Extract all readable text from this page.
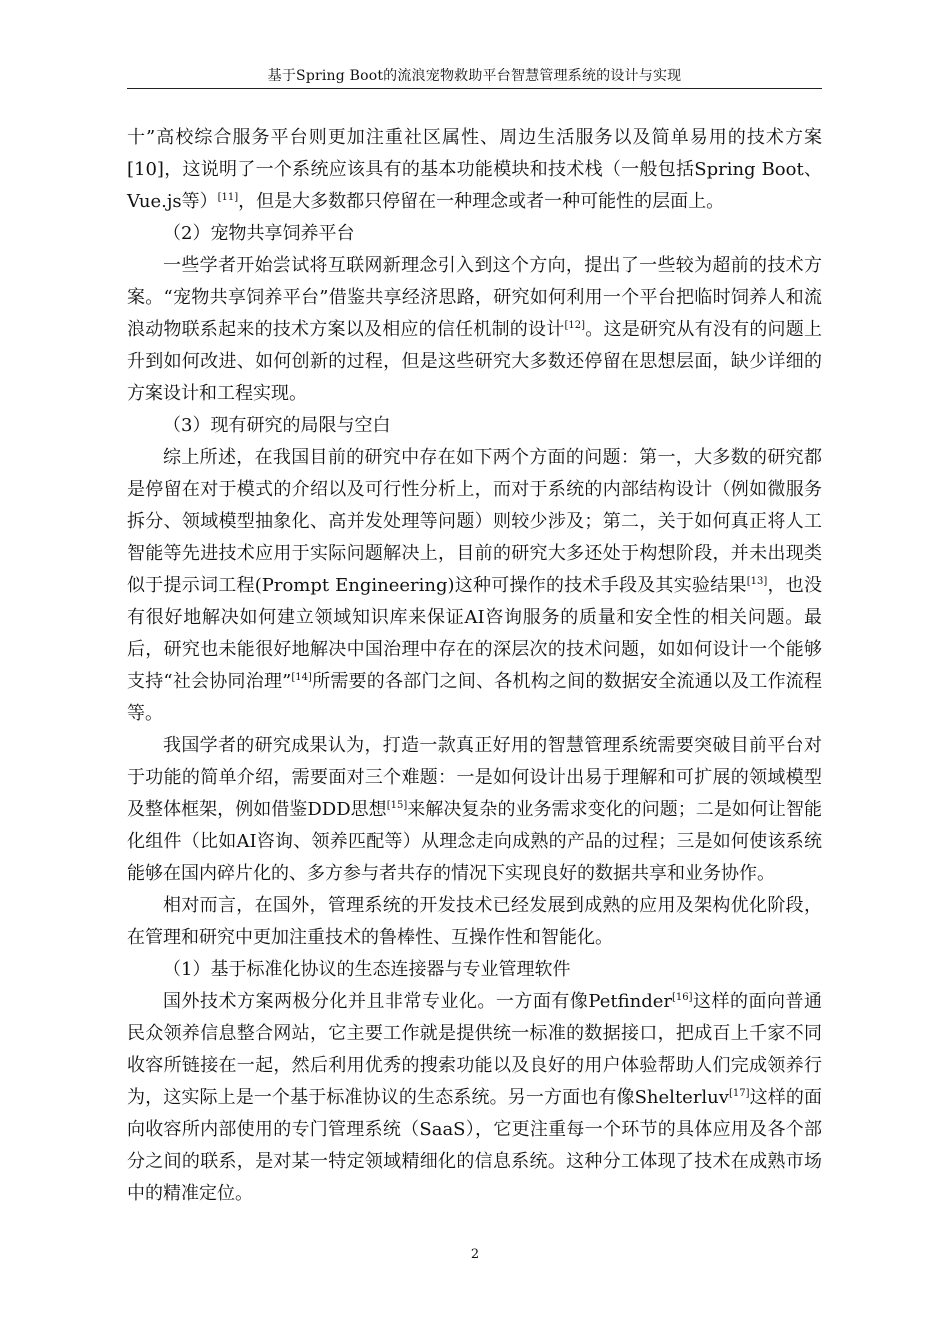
基于Spring Boot的流浪宠物救助平台智慧管理系统的设计与实现

十”高校综合服务平台则更加注重社区属性、周边生活服务以及简单易用的技术方案[10]，这说明了一个系统应该具有的基本功能模块和技术栈（一般包括Spring Boot、Vue.js等）[11]，但是大多数都只停留在一种理念或者一种可能性的层面上。

（2）宠物共享饲养平台

一些学者开始尝试将互联网新理念引入到这个方向，提出了一些较为超前的技术方案。“宠物共享饲养平台”借鉴共享经济思路，研究如何利用一个平台把临时饲养人和流浪动物联系起来的技术方案以及相应的信任机制的设计[12]。这是研究从有没有的问题上升到如何改进、如何创新的过程，但是这些研究大多数还停留在思想层面，缺少详细的方案设计和工程实现。

（3）现有研究的局限与空白

综上所述，在我国目前的研究中存在如下两个方面的问题：第一，大多数的研究都是停留在对于模式的介绍以及可行性分析上，而对于系统的内部结构设计（例如微服务拆分、领域模型抽象化、高并发处理等问题）则较少涉及；第二，关于如何真正将人工智能等先进技术应用于实际问题解决上，目前的研究大多还处于构想阶段，并未出现类似于提示词工程(Prompt Engineering)这种可操作的技术手段及其实验结果[13]，也没有很好地解决如何建立领域知识库来保证AI咨询服务的质量和安全性的相关问题。最后，研究也未能很好地解决中国治理中存在的深层次的技术问题，如如何设计一个能够支持“社会协同治理”[14]所需要的各部门之间、各机构之间的数据安全流通以及工作流程等。

我国学者的研究成果认为，打造一款真正好用的智慧管理系统需要突破目前平台对于功能的简单介绍，需要面对三个难题：一是如何设计出易于理解和可扩展的领域模型及整体框架，例如借鉴DDD思想[15]来解决复杂的业务需求变化的问题；二是如何让智能化组件（比如AI咨询、领养匹配等）从理念走向成熟的产品的过程；三是如何使该系统能够在国内碎片化的、多方参与者共存的情况下实现良好的数据共享和业务协作。

相对而言，在国外，管理系统的开发技术已经发展到成熟的应用及架构优化阶段，在管理和研究中更加注重技术的鲁棒性、互操作性和智能化。

（1）基于标准化协议的生态连接器与专业管理软件

国外技术方案两极分化并且非常专业化。一方面有像Petfinder[16]这样的面向普通民众领养信息整合网站，它主要工作就是提供统一标准的数据接口，把成百上千家不同收容所链接在一起，然后利用优秀的搜索功能以及良好的用户体验帮助人们完成领养行为，这实际上是一个基于标准协议的生态系统。另一方面也有像Shelterluv[17]这样的面向收容所内部使用的专门管理系统（SaaS），它更注重每一个环节的具体应用及各个部分之间的联系，是对某一特定领域精细化的信息系统。这种分工体现了技术在成熟市场中的精准定位。

2
